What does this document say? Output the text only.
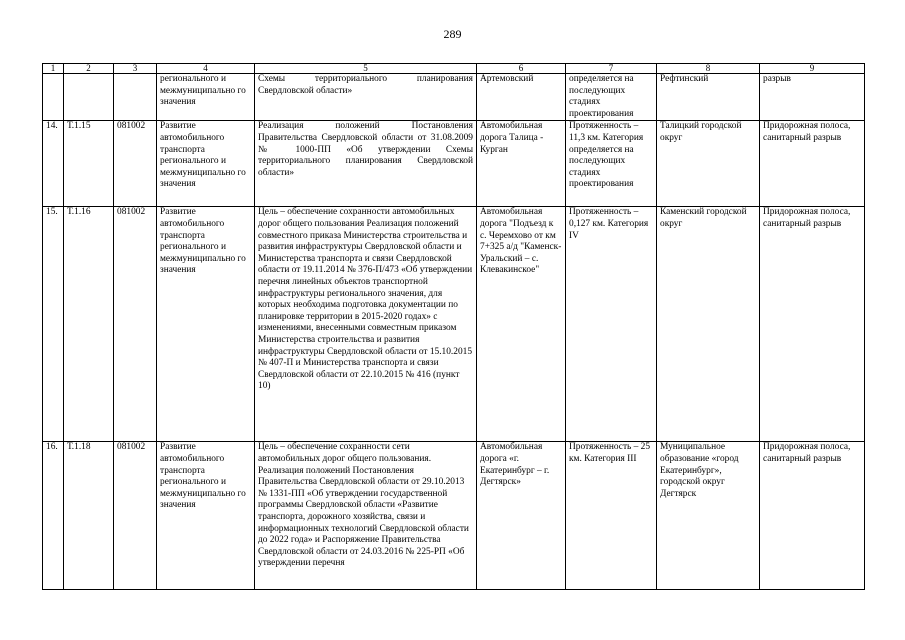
289
1	2	3	4	5	6	7	8	9
			регионального и межмуниципально го значения	Схемы территориального планирования Свердловской области»	Артемовский	определяется на последующих стадиях проектирования	Рефтинский	разрыв
14.	Т.1.15	081002	Развитие автомобильного транспорта регионального и межмуниципально го значения	Реализация положений Постановления Правительства Свердловской области от 31.08.2009 № 1000-ПП «Об утверждении Схемы территориального планирования Свердловской области»	Автомобильная дорога Талица - Курган	Протяженность – 11,3 км. Категория определяется на последующих стадиях проектирования	Талицкий городской округ	Придорожная полоса, санитарный разрыв
15.	Т.1.16	081002	Развитие автомобильного транспорта регионального и межмуниципально го значения	Цель – обеспечение сохранности автомобильных дорог общего пользования Реализация положений совместного приказа Министерства строительства и развития инфраструктуры Свердловской области и Министерства транспорта и связи Свердловской области от 19.11.2014 № 376-П/473 «Об утверждении перечня линейных объектов транспортной инфраструктуры регионального значения, для которых необходима подготовка документации по планировке территории в 2015-2020 годах» с изменениями, внесенными совместным приказом Министерства строительства и развития инфраструктуры Свердловской области от 15.10.2015 № 407-П и Министерства транспорта и связи Свердловской области от 22.10.2015 № 416 (пункт 10)	Автомобильная дорога "Подъезд к с. Черемхово от км 7+325 а/д "Каменск-Уральский – с. Клевакинское"	Протяженность – 0,127 км. Категория IV	Каменский городской округ	Придорожная полоса, санитарный разрыв
16.	Т.1.18	081002	Развитие автомобильного транспорта регионального и межмуниципально го значения	Цель – обеспечение сохранности сети автомобильных дорог общего пользования. Реализация положений Постановления Правительства Свердловской области от 29.10.2013 № 1331-ПП «Об утверждении государственной программы Свердловской области «Развитие транспорта, дорожного хозяйства, связи и информационных технологий Свердловской области до 2022 года» и Распоряжение Правительства Свердловской области от 24.03.2016 № 225-РП «Об утверждении перечня	Автомобильная дорога «г. Екатеринбург – г. Дегтярск»	Протяженность – 25 км. Категория III	Муниципальное образование «город Екатеринбург», городской округ Дегтярск	Придорожная полоса, санитарный разрыв
